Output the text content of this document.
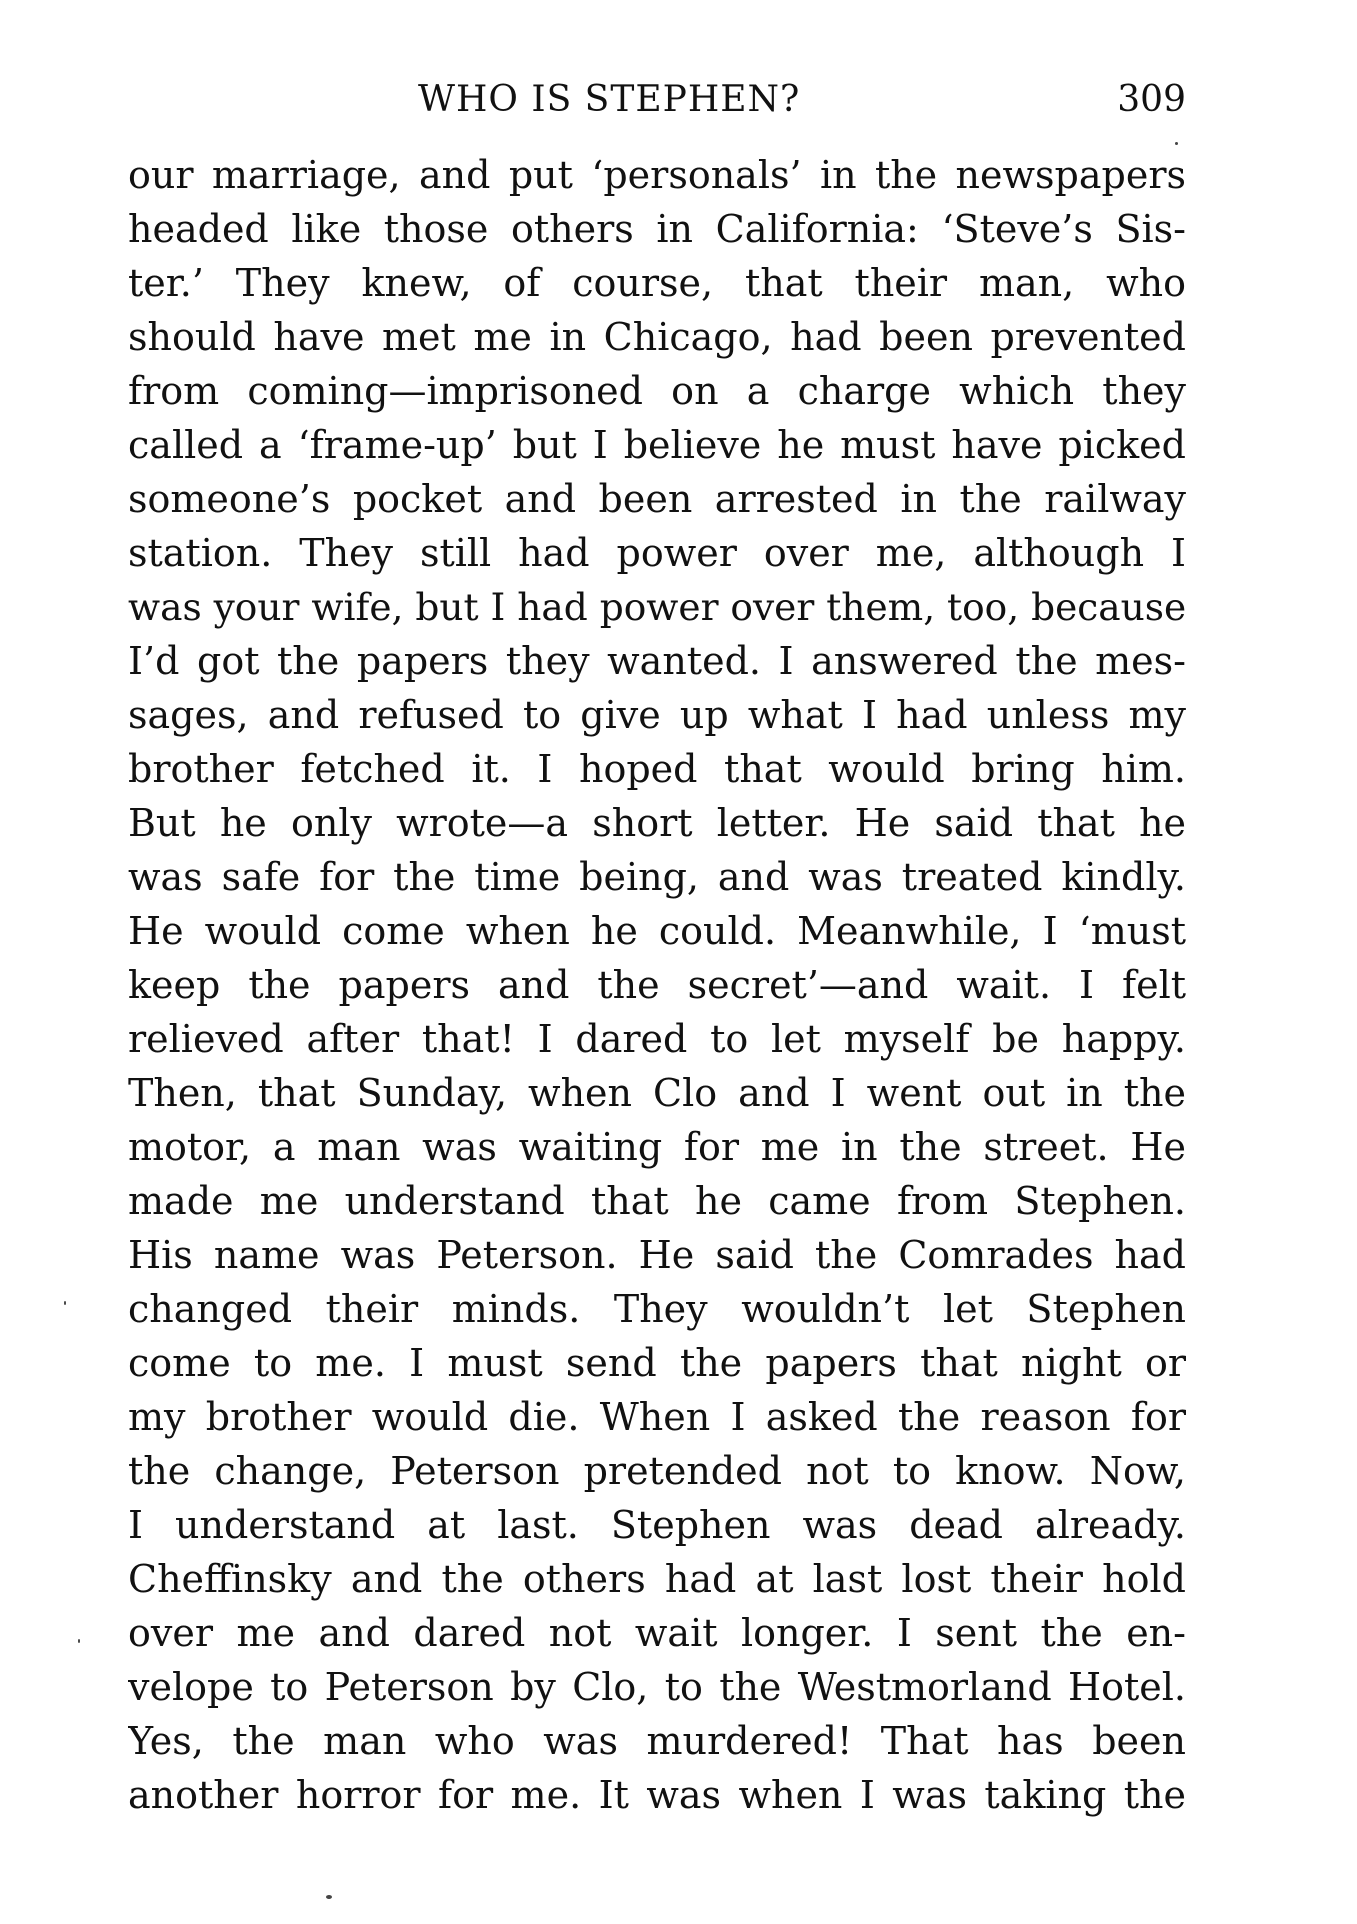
WHO IS STEPHEN?	309
our marriage, and put ‘personals’ in the newspapers
headed like those others in California: ‘Steve’s Sis-
ter.’ They knew, of course, that their man, who
should have met me in Chicago, had been prevented
from coming—imprisoned on a charge which they
called a ‘frame-up’ but I believe he must have picked
someone’s pocket and been arrested in the railway
station. They still had power over me, although I
was your wife, but I had power over them, too, because
I’d got the papers they wanted. I answered the mes-
sages, and refused to give up what I had unless my
brother fetched it. I hoped that would bring him.
But he only wrote—a short letter. He said that he
was safe for the time being, and was treated kindly.
He would come when he could. Meanwhile, I ‘must
keep the papers and the secret’—and wait. I felt
relieved after that! I dared to let myself be happy.
Then, that Sunday, when Clo and I went out in the
motor, a man was waiting for me in the street. He
made me understand that he came from Stephen.
His name was Peterson. He said the Comrades had
changed their minds. They wouldn’t let Stephen
come to me. I must send the papers that night or
my brother would die. When I asked the reason for
the change, Peterson pretended not to know. Now,
I understand at last. Stephen was dead already.
Cheffinsky and the others had at last lost their hold
over me and dared not wait longer. I sent the en-
velope to Peterson by Clo, to the Westmorland Hotel.
Yes, the man who was murdered! That has been
another horror for me. It was when I was taking the
